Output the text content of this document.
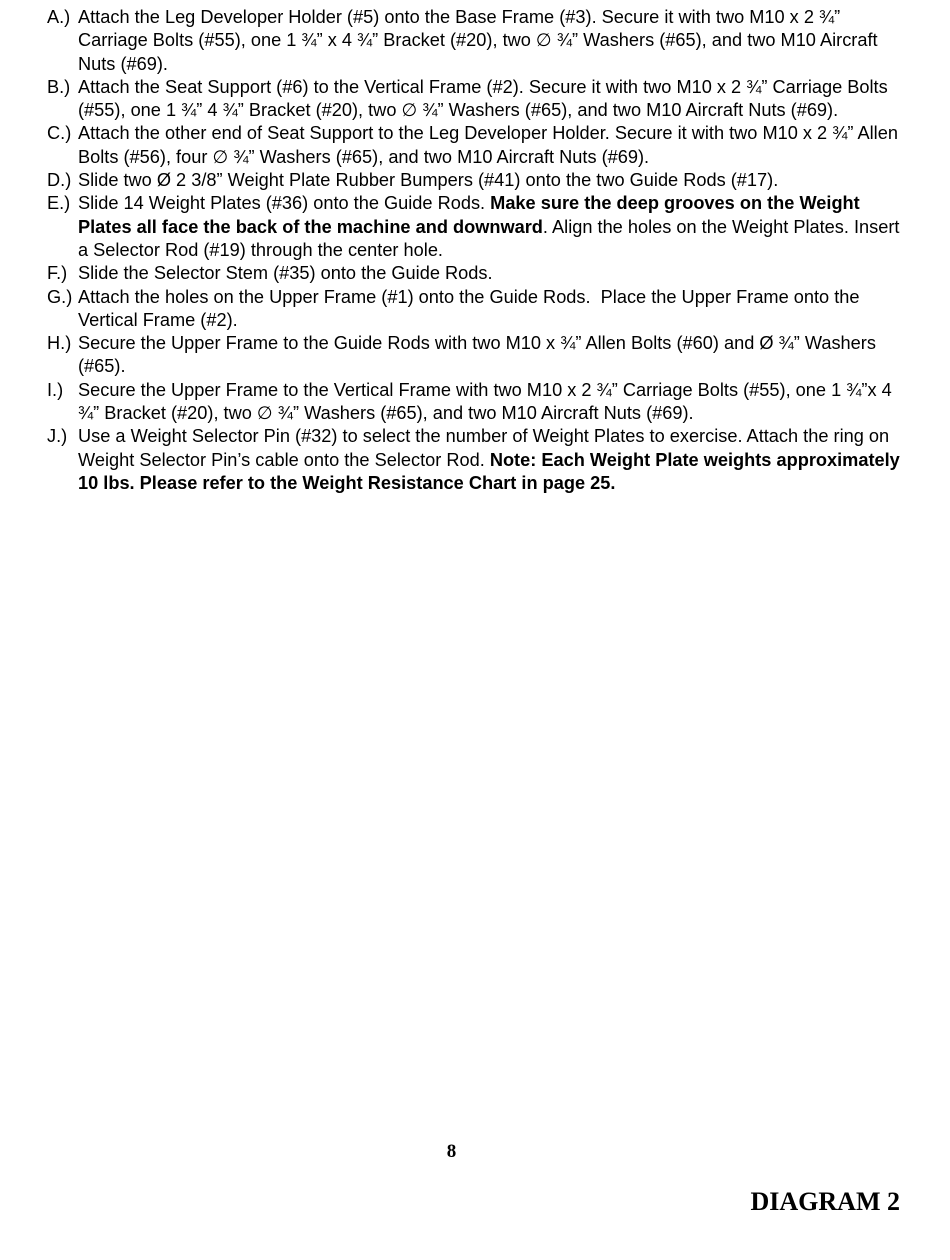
A.) Attach the Leg Developer Holder (#5) onto the Base Frame (#3). Secure it with two M10 x 2 ¾” Carriage Bolts (#55), one 1 ¾” x 4 ¾” Bracket (#20), two ∅ ¾” Washers (#65), and two M10 Aircraft Nuts (#69).
B.) Attach the Seat Support (#6) to the Vertical Frame (#2). Secure it with two M10 x 2 ¾” Carriage Bolts (#55), one 1 ¾” 4 ¾” Bracket (#20), two ∅ ¾” Washers (#65), and two M10 Aircraft Nuts (#69).
C.) Attach the other end of Seat Support to the Leg Developer Holder. Secure it with two M10 x 2 ¾” Allen Bolts (#56), four ∅ ¾” Washers (#65), and two M10 Aircraft Nuts (#69).
D.) Slide two Ø 2 3/8” Weight Plate Rubber Bumpers (#41) onto the two Guide Rods (#17).
E.) Slide 14 Weight Plates (#36) onto the Guide Rods. Make sure the deep grooves on the Weight Plates all face the back of the machine and downward. Align the holes on the Weight Plates. Insert a Selector Rod (#19) through the center hole.
F.) Slide the Selector Stem (#35) onto the Guide Rods.
G.) Attach the holes on the Upper Frame (#1) onto the Guide Rods.  Place the Upper Frame onto the Vertical Frame (#2).
H.) Secure the Upper Frame to the Guide Rods with two M10 x ¾” Allen Bolts (#60) and Ø ¾” Washers (#65).
I.) Secure the Upper Frame to the Vertical Frame with two M10 x 2 ¾” Carriage Bolts (#55), one 1 ¾”x 4 ¾” Bracket (#20), two ∅ ¾” Washers (#65), and two M10 Aircraft Nuts (#69).
J.) Use a Weight Selector Pin (#32) to select the number of Weight Plates to exercise. Attach the ring on Weight Selector Pin’s cable onto the Selector Rod. Note: Each Weight Plate weights approximately 10 lbs. Please refer to the Weight Resistance Chart in page 25.
8
DIAGRAM 2
